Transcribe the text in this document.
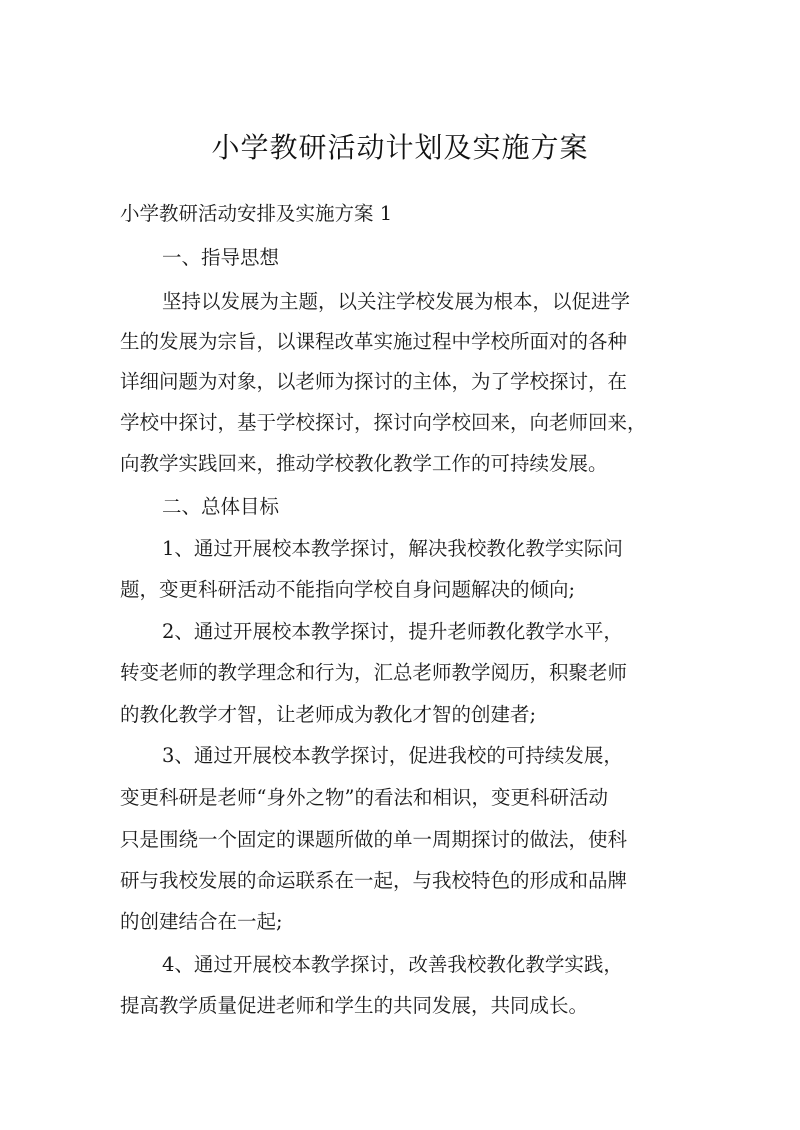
小学教研活动计划及实施方案
小学教研活动安排及实施方案 1
一、指导思想
坚持以发展为主题，以关注学校发展为根本，以促进学
生的发展为宗旨，以课程改革实施过程中学校所面对的各种
详细问题为对象，以老师为探讨的主体，为了学校探讨，在
学校中探讨，基于学校探讨，探讨向学校回来，向老师回来，
向教学实践回来，推动学校教化教学工作的可持续发展。
二、总体目标
1、通过开展校本教学探讨，解决我校教化教学实际问
题，变更科研活动不能指向学校自身问题解决的倾向;
2、通过开展校本教学探讨，提升老师教化教学水平，
转变老师的教学理念和行为，汇总老师教学阅历，积聚老师
的教化教学才智，让老师成为教化才智的创建者;
3、通过开展校本教学探讨，促进我校的可持续发展，
变更科研是老师“身外之物”的看法和相识，变更科研活动
只是围绕一个固定的课题所做的单一周期探讨的做法，使科
研与我校发展的命运联系在一起，与我校特色的形成和品牌
的创建结合在一起;
4、通过开展校本教学探讨，改善我校教化教学实践，
提高教学质量促进老师和学生的共同发展，共同成长。
